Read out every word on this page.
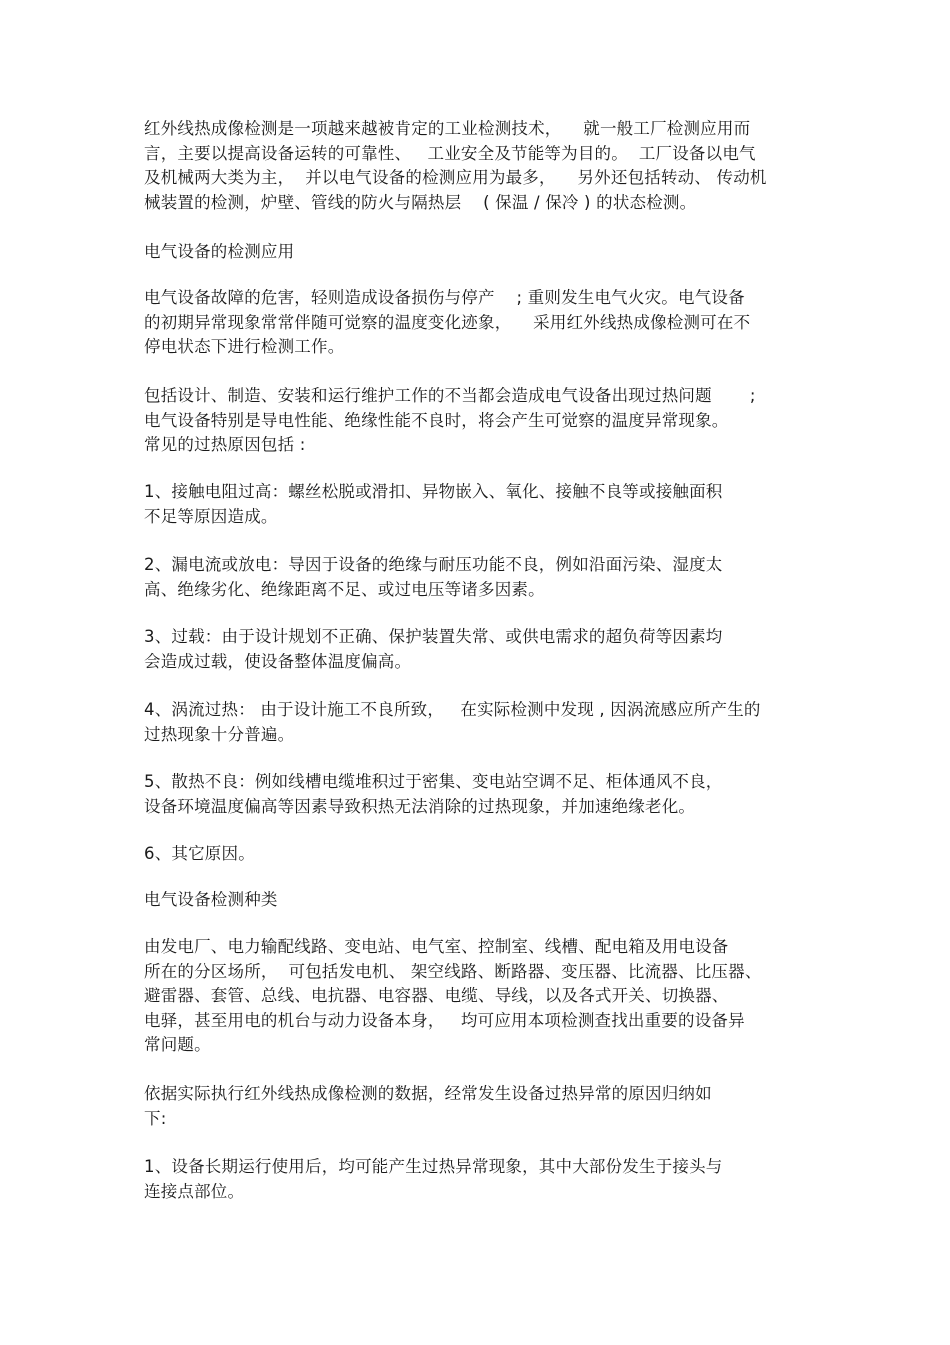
红外线热成像检测是一项越来越被肯定的工业检测技术，    就一般工厂检测应用而
言，主要以提高设备运转的可靠性、   工业安全及节能等为目的。  工厂设备以电气
及机械两大类为主，  并以电气设备的检测应用为最多，    另外还包括转动、 传动机
械装置的检测，炉壁、管线的防火与隔热层    ( 保温 / 保冷 ) 的状态检测。

电气设备的检测应用

电气设备故障的危害，轻则造成设备损伤与停产    ; 重则发生电气火灾。电气设备
的初期异常现象常常伴随可觉察的温度变化迹象，    采用红外线热成像检测可在不
停电状态下进行检测工作。

包括设计、制造、安装和运行维护工作的不当都会造成电气设备出现过热问题       ;
电气设备特别是导电性能、绝缘性能不良时，将会产生可觉察的温度异常现象。
常见的过热原因包括 :

1、接触电阻过高：螺丝松脱或滑扣、异物嵌入、氧化、接触不良等或接触面积
不足等原因造成。

2、漏电流或放电：导因于设备的绝缘与耐压功能不良，例如沿面污染、湿度太
高、绝缘劣化、绝缘距离不足、或过电压等诸多因素。

3、过载：由于设计规划不正确、保护装置失常、或供电需求的超负荷等因素均
会造成过载，使设备整体温度偏高。

4、涡流过热： 由于设计施工不良所致，   在实际检测中发现 , 因涡流感应所产生的
过热现象十分普遍。

5、散热不良：例如线槽电缆堆积过于密集、变电站空调不足、柜体通风不良，
设备环境温度偏高等因素导致积热无法消除的过热现象，并加速绝缘老化。

6、其它原因。

电气设备检测种类

由发电厂、电力输配线路、变电站、电气室、控制室、线槽、配电箱及用电设备
所在的分区场所，  可包括发电机、 架空线路、断路器、变压器、比流器、比压器、
避雷器、套管、总线、电抗器、电容器、电缆、导线，以及各式开关、切换器、
电驿，甚至用电的机台与动力设备本身，   均可应用本项检测查找出重要的设备异
常问题。

依据实际执行红外线热成像检测的数据，经常发生设备过热异常的原因归纳如
下:

1、设备长期运行使用后，均可能产生过热异常现象，其中大部份发生于接头与
连接点部位。
